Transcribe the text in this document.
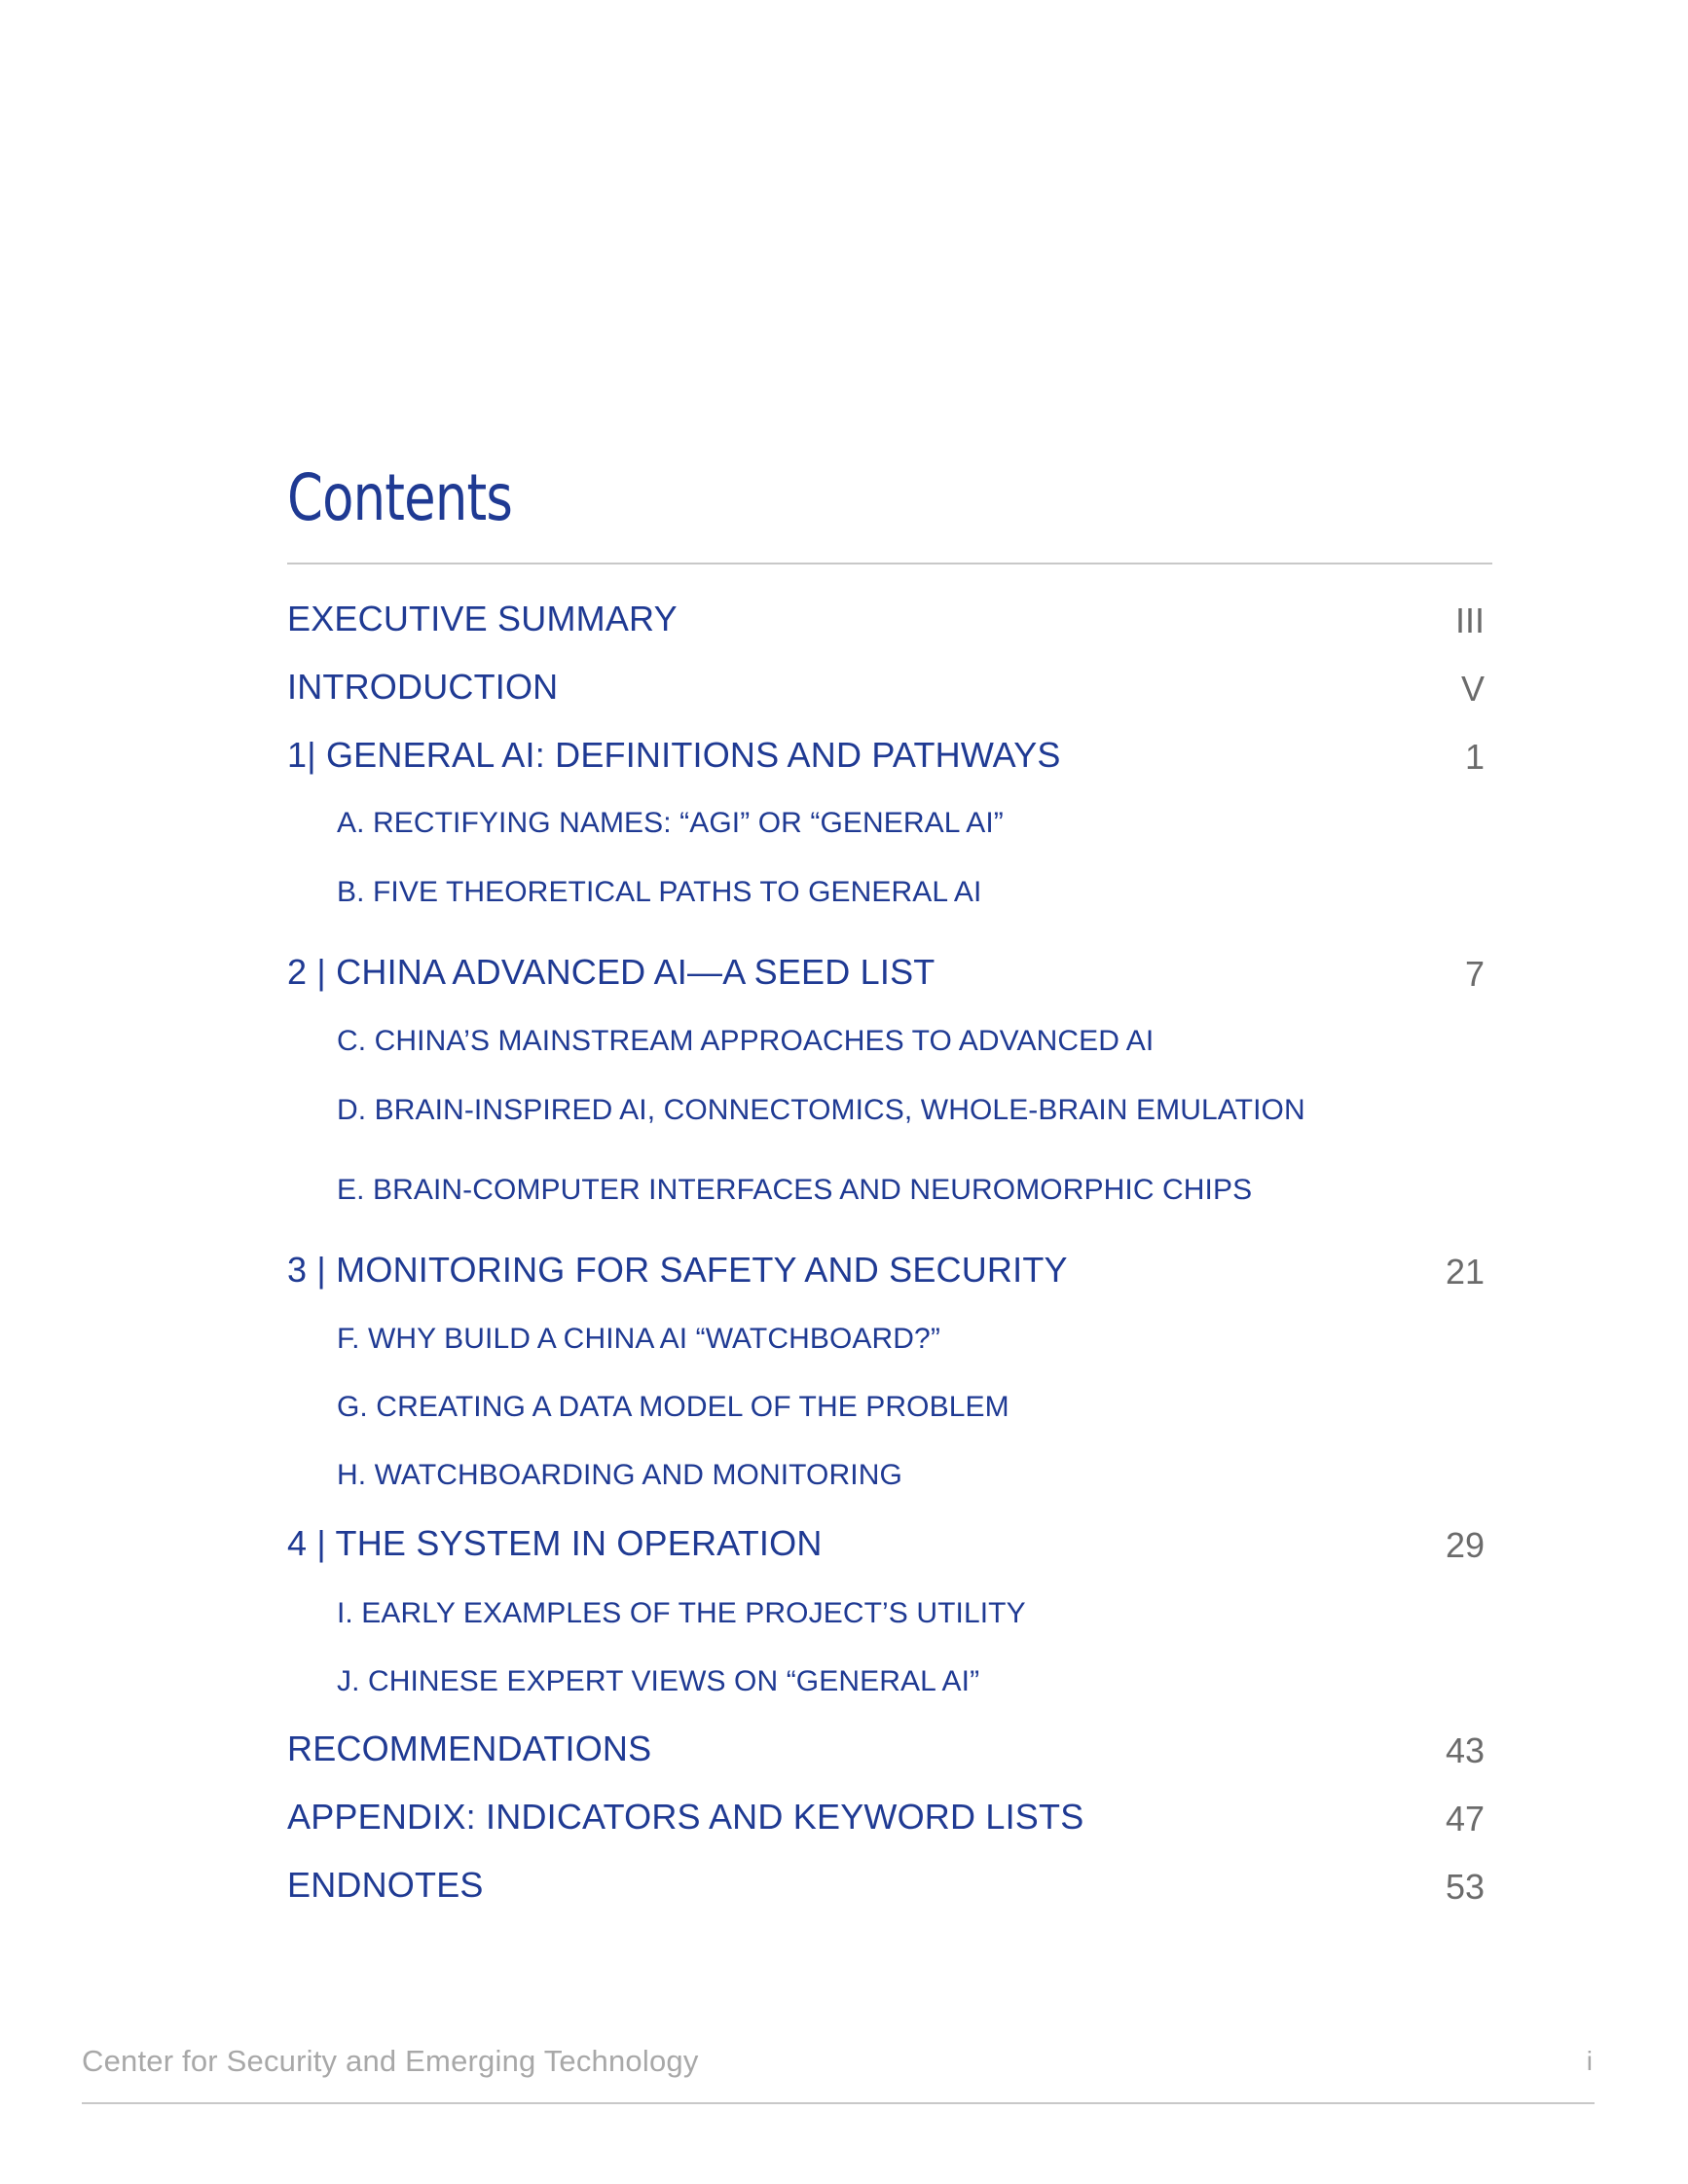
Contents
EXECUTIVE SUMMARY	III
INTRODUCTION	V
1| GENERAL AI: DEFINITIONS AND PATHWAYS	1
A. RECTIFYING NAMES: “AGI” OR “GENERAL AI”
B. FIVE THEORETICAL PATHS TO GENERAL AI
2 | CHINA ADVANCED AI—A SEED LIST	7
C. CHINA’S MAINSTREAM APPROACHES TO ADVANCED AI
D. BRAIN-INSPIRED AI, CONNECTOMICS, WHOLE-BRAIN EMULATION
E. BRAIN-COMPUTER INTERFACES AND NEUROMORPHIC CHIPS
3 | MONITORING FOR SAFETY AND SECURITY	21
F. WHY BUILD A CHINA AI “WATCHBOARD?”
G. CREATING A DATA MODEL OF THE PROBLEM
H. WATCHBOARDING AND MONITORING
4 | THE SYSTEM IN OPERATION	29
I. EARLY EXAMPLES OF THE PROJECT’S UTILITY
J. CHINESE EXPERT VIEWS ON “GENERAL AI”
RECOMMENDATIONS	43
APPENDIX: INDICATORS AND KEYWORD LISTS	47
ENDNOTES	53
Center for Security and Emerging Technology	i
